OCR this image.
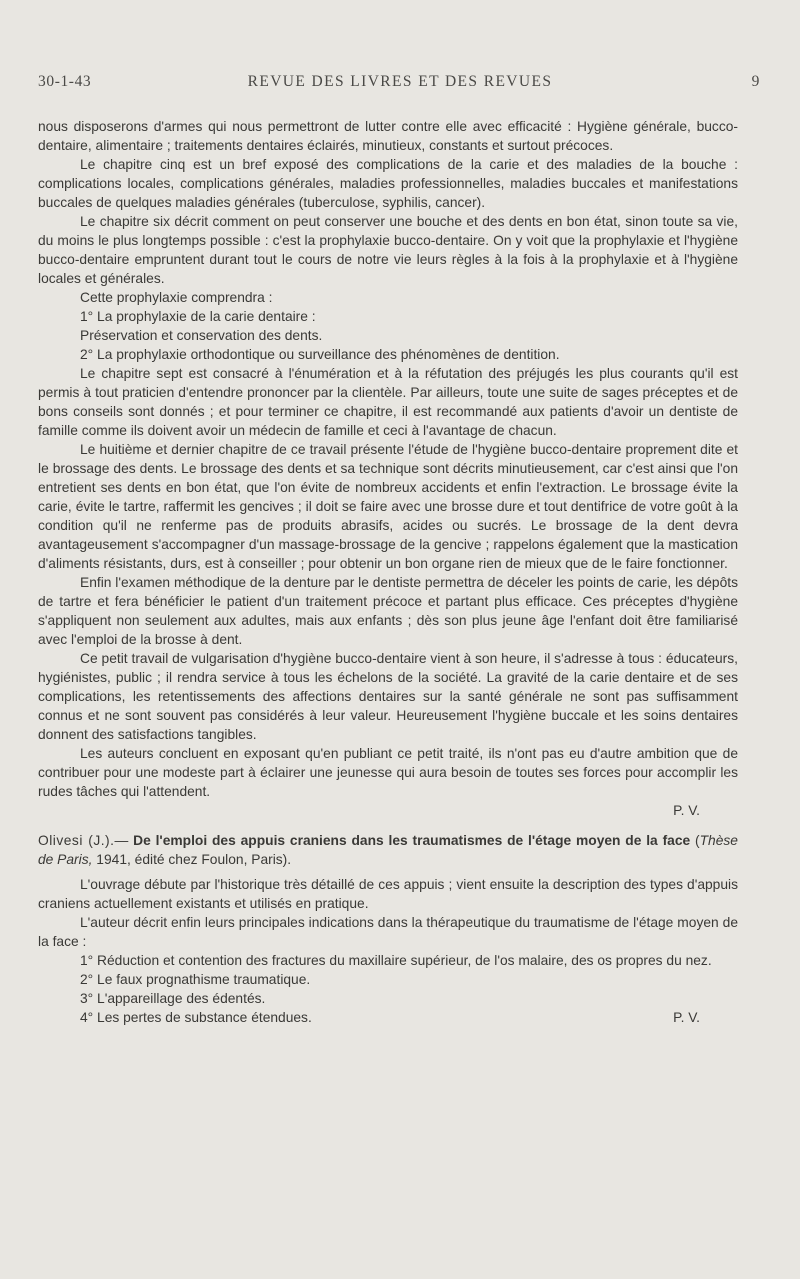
30-1-43	REVUE DES LIVRES ET DES REVUES	9

nous disposerons d'armes qui nous permettront de lutter contre elle avec efficacité : Hygiène générale, bucco-dentaire, alimentaire ; traitements dentaires éclairés, minutieux, constants et surtout précoces.

Le chapitre cinq est un bref exposé des complications de la carie et des maladies de la bouche : complications locales, complications générales, maladies professionnelles, maladies buccales et manifestations buccales de quelques maladies générales (tuberculose, syphilis, cancer).

Le chapitre six décrit comment on peut conserver une bouche et des dents en bon état, sinon toute sa vie, du moins le plus longtemps possible : c'est la prophylaxie bucco-dentaire. On y voit que la prophylaxie et l'hygiène bucco-dentaire empruntent durant tout le cours de notre vie leurs règles à la fois à la prophylaxie et à l'hygiène locales et générales.

Cette prophylaxie comprendra :

1° La prophylaxie de la carie dentaire :

Préservation et conservation des dents.

2° La prophylaxie orthodontique ou surveillance des phénomènes de dentition.

Le chapitre sept est consacré à l'énumération et à la réfutation des préjugés les plus courants qu'il est permis à tout praticien d'entendre prononcer par la clientèle. Par ailleurs, toute une suite de sages préceptes et de bons conseils sont donnés ; et pour terminer ce chapitre, il est recommandé aux patients d'avoir un dentiste de famille comme ils doivent avoir un médecin de famille et ceci à l'avantage de chacun.

Le huitième et dernier chapitre de ce travail présente l'étude de l'hygiène bucco-dentaire proprement dite et le brossage des dents. Le brossage des dents et sa technique sont décrits minutieusement, car c'est ainsi que l'on entretient ses dents en bon état, que l'on évite de nombreux accidents et enfin l'extraction. Le brossage évite la carie, évite le tartre, raffermit les gencives ; il doit se faire avec une brosse dure et tout dentifrice de votre goût à la condition qu'il ne renferme pas de produits abrasifs, acides ou sucrés. Le brossage de la dent devra avantageusement s'accompagner d'un massage-brossage de la gencive ; rappelons également que la mastication d'aliments résistants, durs, est à conseiller ; pour obtenir un bon organe rien de mieux que de le faire fonctionner.

Enfin l'examen méthodique de la denture par le dentiste permettra de déceler les points de carie, les dépôts de tartre et fera bénéficier le patient d'un traitement précoce et partant plus efficace. Ces préceptes d'hygiène s'appliquent non seulement aux adultes, mais aux enfants ; dès son plus jeune âge l'enfant doit être familiarisé avec l'emploi de la brosse à dent.

Ce petit travail de vulgarisation d'hygiène bucco-dentaire vient à son heure, il s'adresse à tous : éducateurs, hygiénistes, public ; il rendra service à tous les échelons de la société. La gravité de la carie dentaire et de ses complications, les retentissements des affections dentaires sur la santé générale ne sont pas suffisamment connus et ne sont souvent pas considérés à leur valeur. Heureusement l'hygiène buccale et les soins dentaires donnent des satisfactions tangibles.

Les auteurs concluent en exposant qu'en publiant ce petit traité, ils n'ont pas eu d'autre ambition que de contribuer pour une modeste part à éclairer une jeunesse qui aura besoin de toutes ses forces pour accomplir les rudes tâches qui l'attendent.

P. V.

Olivesi (J.).— De l'emploi des appuis craniens dans les traumatismes de l'étage moyen de la face (Thèse de Paris, 1941, édité chez Foulon, Paris).

L'ouvrage débute par l'historique très détaillé de ces appuis ; vient ensuite la description des types d'appuis craniens actuellement existants et utilisés en pratique.

L'auteur décrit enfin leurs principales indications dans la thérapeutique du traumatisme de l'étage moyen de la face :

1° Réduction et contention des fractures du maxillaire supérieur, de l'os malaire, des os propres du nez.

2° Le faux prognathisme traumatique.

3° L'appareillage des édentés.

4° Les pertes de substance étendues.	P. V.
